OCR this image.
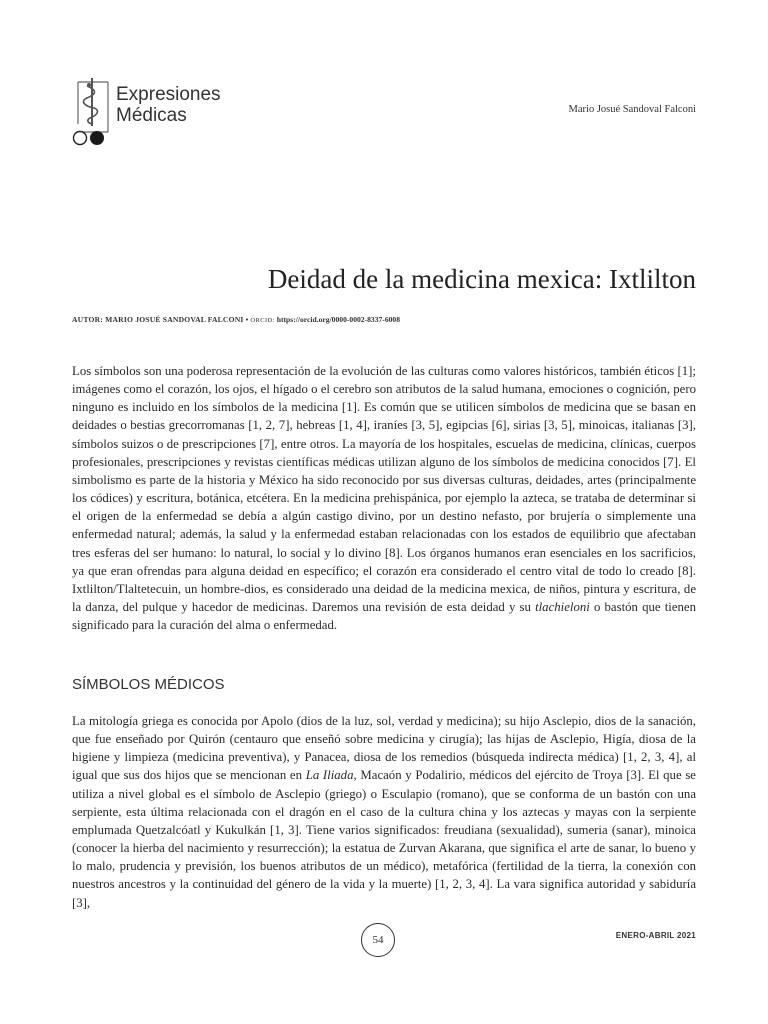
Expresiones
Médicas	Mario Josué Sandoval Falconi
Deidad de la medicina mexica: Ixtlilton
AUTOR: MARIO JOSUÉ SANDOVAL FALCONI • ORCID: https://orcid.org/0000-0002-8337-6008

Los símbolos son una poderosa representación de la evolución de las culturas como valores históricos, también éticos [1]; imágenes como el corazón, los ojos, el hígado o el cerebro son atributos de la salud humana, emociones o cognición, pero ninguno es incluido en los símbolos de la medicina [1]. Es común que se utilicen símbolos de medicina que se basan en deidades o bestias grecorromanas [1, 2, 7], hebreas [1, 4], iraníes [3, 5], egipcias [6], sirias [3, 5], minoicas, italianas [3], símbolos suizos o de prescripciones [7], entre otros. La mayoría de los hospitales, escuelas de medicina, clínicas, cuerpos profesionales, prescripciones y revistas científicas médicas utilizan alguno de los símbolos de medicina conocidos [7]. El simbolismo es parte de la historia y México ha sido reconocido por sus diversas culturas, deidades, artes (principalmente los códices) y escritura, botánica, etcétera. En la medicina prehispánica, por ejemplo la azteca, se trataba de determinar si el origen de la enfermedad se debía a algún castigo divino, por un destino nefasto, por brujería o simplemente una enfermedad natural; además, la salud y la enfermedad estaban relacionadas con los estados de equilibrio que afectaban tres esferas del ser humano: lo natural, lo social y lo divino [8]. Los órganos humanos eran esenciales en los sacrificios, ya que eran ofrendas para alguna deidad en específico; el corazón era considerado el centro vital de todo lo creado [8]. Ixtlilton/Tlaltetecuin, un hombre-dios, es considerado una deidad de la medicina mexica, de niños, pintura y escritura, de la danza, del pulque y hacedor de medicinas. Daremos una revisión de esta deidad y su tlachieloni o bastón que tienen significado para la curación del alma o enfermedad.

SÍMBOLOS MÉDICOS

La mitología griega es conocida por Apolo (dios de la luz, sol, verdad y medicina); su hijo Asclepio, dios de la sanación, que fue enseñado por Quirón (centauro que enseñó sobre medicina y cirugía); las hijas de Asclepio, Higía, diosa de la higiene y limpieza (medicina preventiva), y Panacea, diosa de los remedios (búsqueda indirecta médica) [1, 2, 3, 4], al igual que sus dos hijos que se mencionan en La Iliada, Macaón y Podalirio, médicos del ejército de Troya [3]. El que se utiliza a nivel global es el símbolo de Asclepio (griego) o Esculapio (romano), que se conforma de un bastón con una serpiente, esta última relacionada con el dragón en el caso de la cultura china y los aztecas y mayas con la serpiente emplumada Quetzalcóatl y Kukulkán [1, 3]. Tiene varios significados: freudiana (sexualidad), sumeria (sanar), minoica (conocer la hierba del nacimiento y resurrección); la estatua de Zurvan Akarana, que significa el arte de sanar, lo bueno y lo malo, prudencia y previsión, los buenos atributos de un médico), metafórica (fertilidad de la tierra, la conexión con nuestros ancestros y la continuidad del género de la vida y la muerte) [1, 2, 3, 4]. La vara significa autoridad y sabiduría [3],

54	ENERO-ABRIL 2021
